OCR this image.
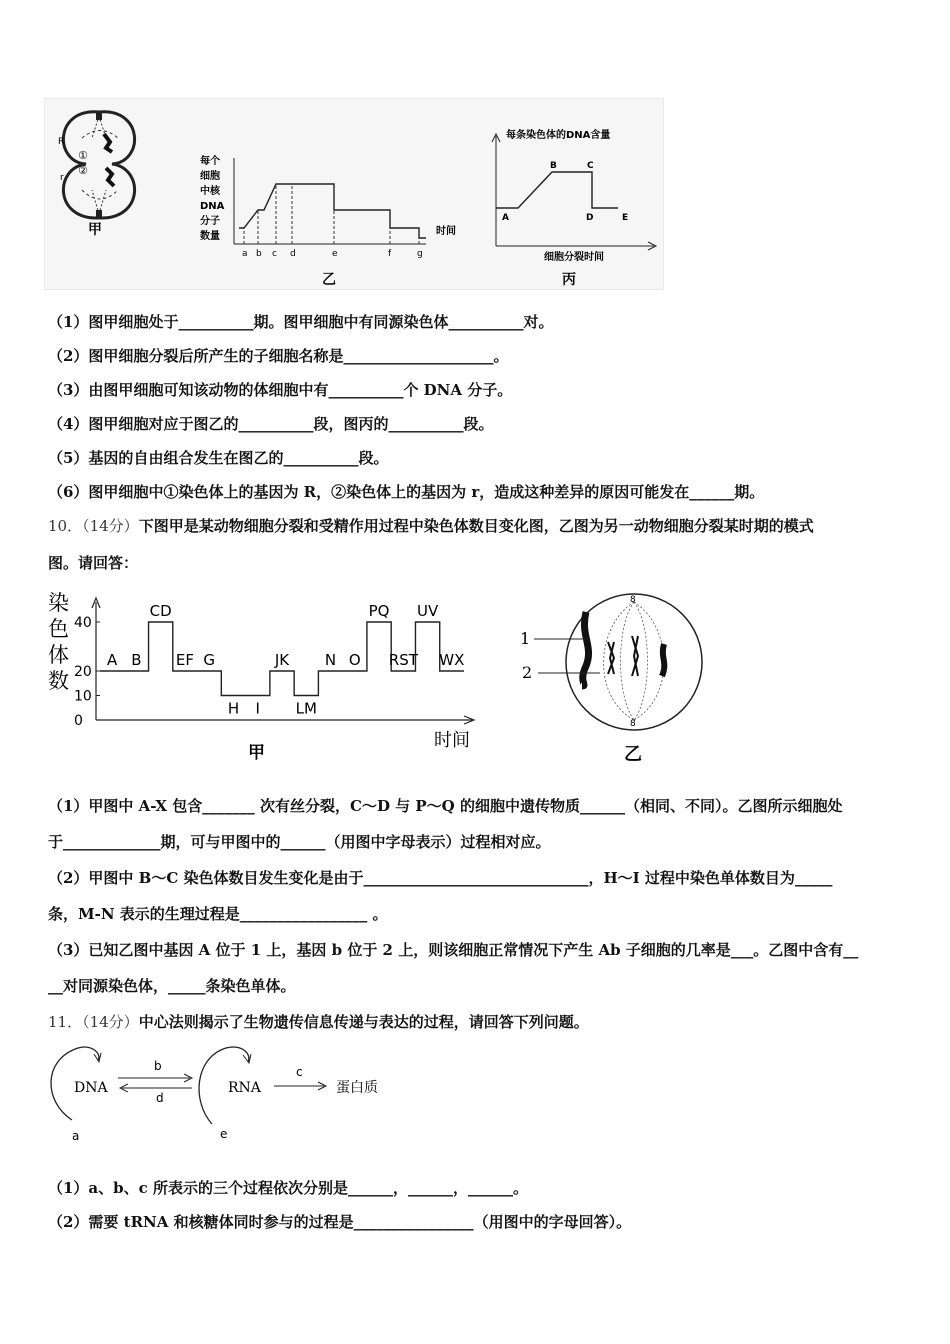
R
r
①
②
甲
每个
细胞
中核
DNA
分子
数量
a b c d	e	f	g
时间
乙
每条染色体的DNA含量
A
B	C
D	E
细胞分裂时间
丙
（1）图甲细胞处于__________期。图甲细胞中有同源染色体__________对。
（2）图甲细胞分裂后所产生的子细胞名称是____________________。
（3）由图甲细胞可知该动物的体细胞中有__________个 DNA 分子。
（4）图甲细胞对应于图乙的__________段，图丙的__________段。
（5）基因的自由组合发生在图乙的__________段。
（6）图甲细胞中①染色体上的基因为 R，②染色体上的基因为 r，造成这种差异的原因可能发在______期。
10．（14分）下图甲是某动物细胞分裂和受精作用过程中染色体数目变化图，乙图为另一动物细胞分裂某时期的模式
图。请回答：
染
色
体
数
0
10
20
40
A B
CD
EF G
H I
JK
LM
N O
PQ
RST
UV
WX
时间
甲
8
8
1
2
乙
（1）甲图中 A-X 包含_______ 次有丝分裂，C～D 与 P～Q 的细胞中遗传物质______（相同、不同）。乙图所示细胞处
于_____________期，可与甲图中的______（用图中字母表示）过程相对应。
（2）甲图中 B～C 染色体数目发生变化是由于______________________________，H～I 过程中染色单体数目为_____
条，M-N 表示的生理过程是_________________ 。
（3）已知乙图中基因 A 位于 1 上，基因 b 位于 2 上，则该细胞正常情况下产生 Ab 子细胞的几率是___。乙图中含有__
__对同源染色体，_____条染色单体。
11．（14分）中心法则揭示了生物遗传信息传递与表达的过程，请回答下列问题。
DNA
b
d
RNA
c
蛋白质
a	e
（1）a、b、c 所表示的三个过程依次分别是______，______，______。
（2）需要 tRNA 和核糖体同时参与的过程是________________（用图中的字母回答）。
